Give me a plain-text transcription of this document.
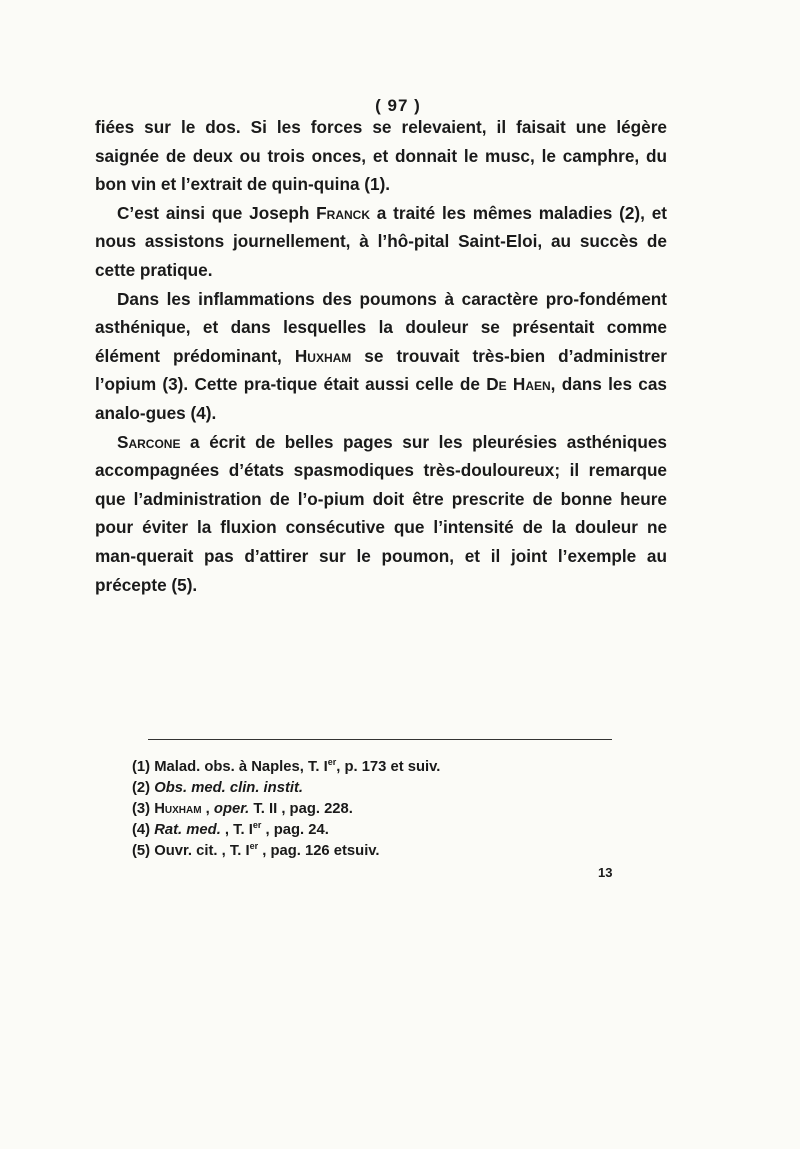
( 97 )

fiées sur le dos. Si les forces se relevaient, il faisait une légère saignée de deux ou trois onces, et donnait le musc, le camphre, du bon vin et l’extrait de quin-quina (1).

C’est ainsi que Joseph Franck a traité les mêmes maladies (2), et nous assistons journellement, à l’hô-pital Saint-Eloi, au succès de cette pratique.

Dans les inflammations des poumons à caractère pro-fondément asthénique, et dans lesquelles la douleur se présentait comme élément prédominant, Huxham se trouvait très-bien d’administrer l’opium (3). Cette pra-tique était aussi celle de De Haen, dans les cas analo-gues (4).

Sarcone a écrit de belles pages sur les pleurésies asthéniques accompagnées d’états spasmodiques très-douloureux; il remarque que l’administration de l’o-pium doit être prescrite de bonne heure pour éviter la fluxion consécutive que l’intensité de la douleur ne man-querait pas d’attirer sur le poumon, et il joint l’exemple au précepte (5).

(1) Malad. obs. à Naples, T. Ier, p. 173 et suiv.

(2) Obs. med. clin. instit.

(3) Huxham , oper. T. II , pag. 228.

(4) Rat. med. , T. Ier , pag. 24.

(5) Ouvr. cit. , T. Ier , pag. 126 etsuiv.

13
